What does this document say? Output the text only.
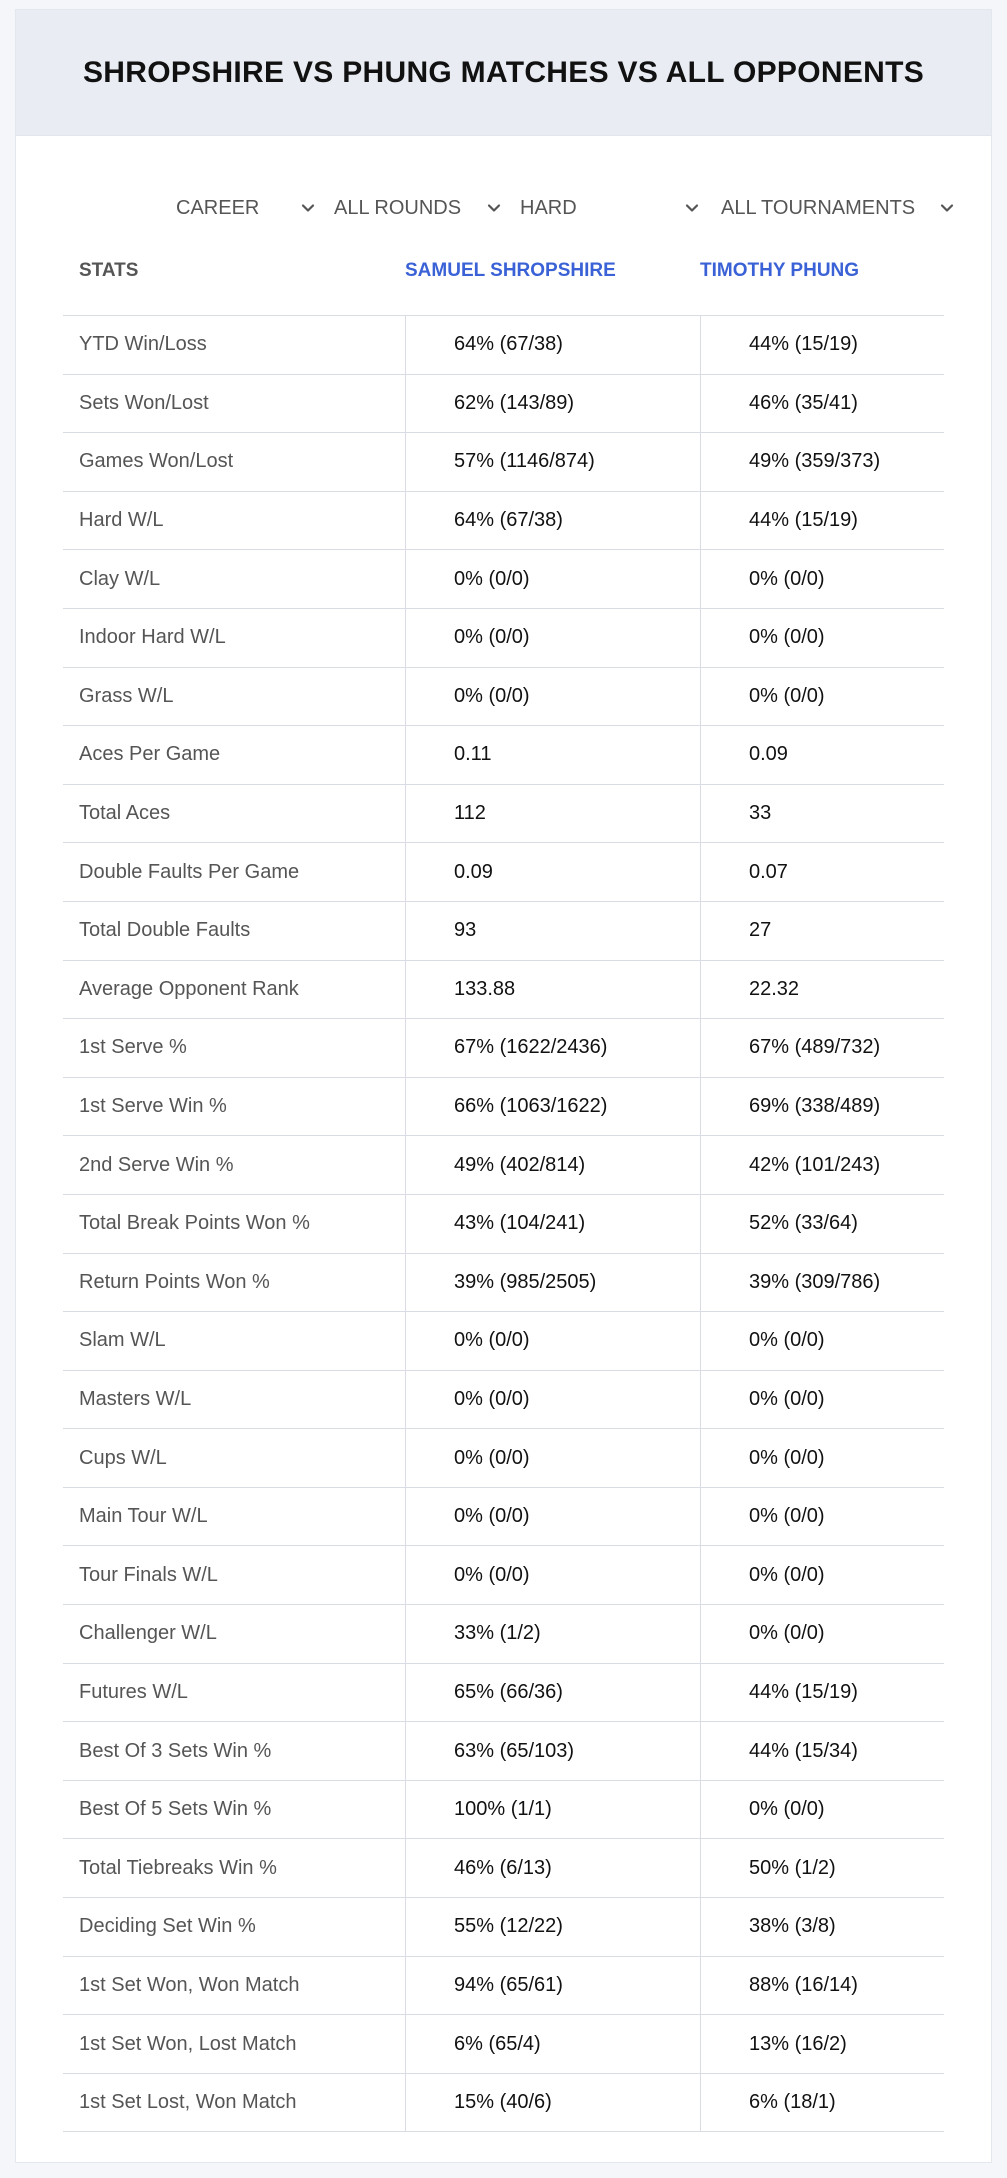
SHROPSHIRE VS PHUNG MATCHES VS ALL OPPONENTS
CAREER	ALL ROUNDS	HARD	ALL TOURNAMENTS
STATS	SAMUEL SHROPSHIRE	TIMOTHY PHUNG
YTD Win/Loss	64% (67/38)	44% (15/19)
Sets Won/Lost	62% (143/89)	46% (35/41)
Games Won/Lost	57% (1146/874)	49% (359/373)
Hard W/L	64% (67/38)	44% (15/19)
Clay W/L	0% (0/0)	0% (0/0)
Indoor Hard W/L	0% (0/0)	0% (0/0)
Grass W/L	0% (0/0)	0% (0/0)
Aces Per Game	0.11	0.09
Total Aces	112	33
Double Faults Per Game	0.09	0.07
Total Double Faults	93	27
Average Opponent Rank	133.88	22.32
1st Serve %	67% (1622/2436)	67% (489/732)
1st Serve Win %	66% (1063/1622)	69% (338/489)
2nd Serve Win %	49% (402/814)	42% (101/243)
Total Break Points Won %	43% (104/241)	52% (33/64)
Return Points Won %	39% (985/2505)	39% (309/786)
Slam W/L	0% (0/0)	0% (0/0)
Masters W/L	0% (0/0)	0% (0/0)
Cups W/L	0% (0/0)	0% (0/0)
Main Tour W/L	0% (0/0)	0% (0/0)
Tour Finals W/L	0% (0/0)	0% (0/0)
Challenger W/L	33% (1/2)	0% (0/0)
Futures W/L	65% (66/36)	44% (15/19)
Best Of 3 Sets Win %	63% (65/103)	44% (15/34)
Best Of 5 Sets Win %	100% (1/1)	0% (0/0)
Total Tiebreaks Win %	46% (6/13)	50% (1/2)
Deciding Set Win %	55% (12/22)	38% (3/8)
1st Set Won, Won Match	94% (65/61)	88% (16/14)
1st Set Won, Lost Match	6% (65/4)	13% (16/2)
1st Set Lost, Won Match	15% (40/6)	6% (18/1)
